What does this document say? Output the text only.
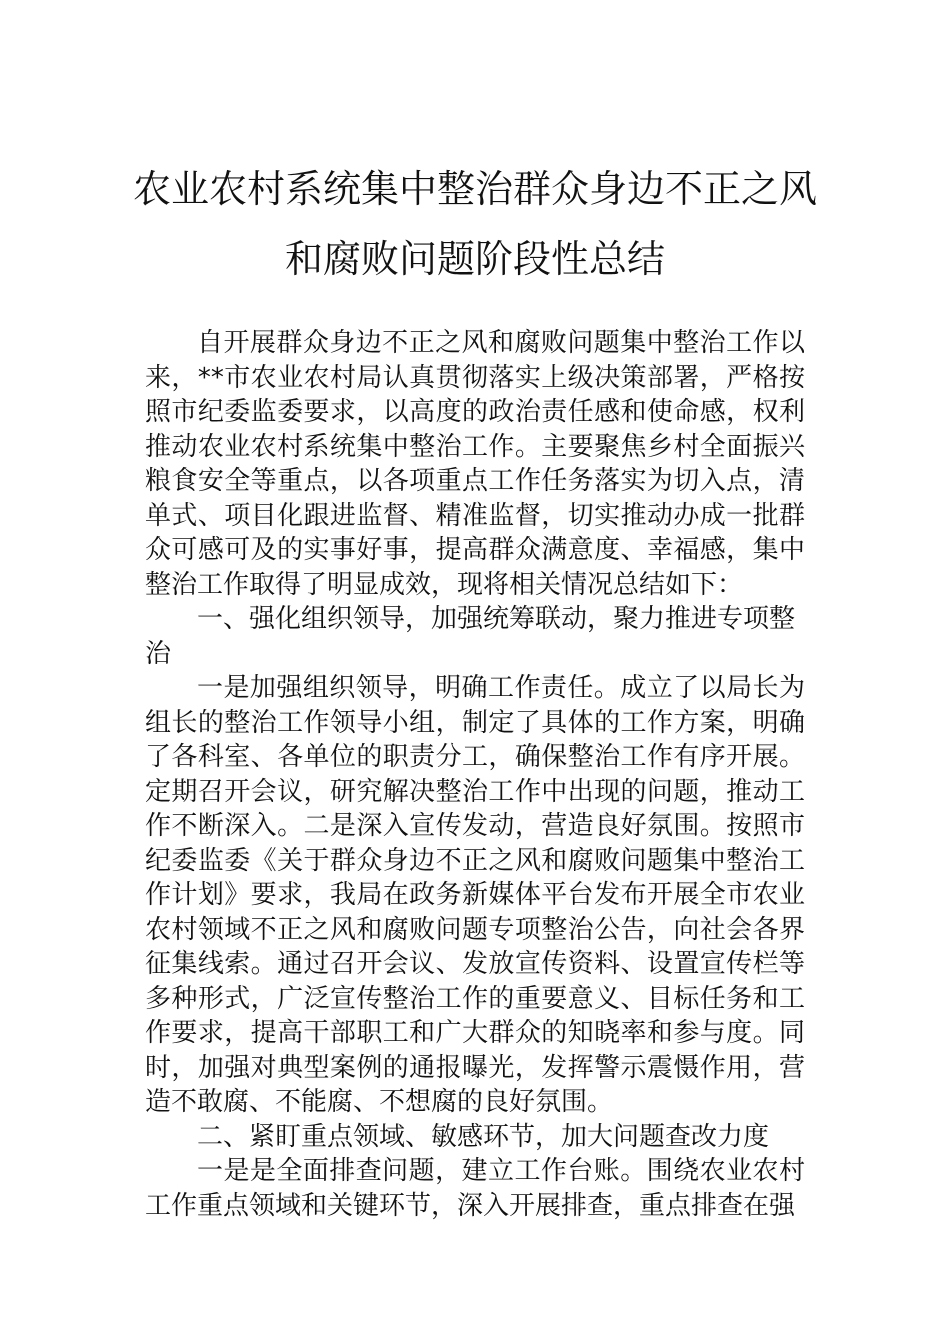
农业农村系统集中整治群众身边不正之风
和腐败问题阶段性总结

自开展群众身边不正之风和腐败问题集中整治工作以来，**市农业农村局认真贯彻落实上级决策部署，严格按照市纪委监委要求，以高度的政治责任感和使命感，权利推动农业农村系统集中整治工作。主要聚焦乡村全面振兴粮食安全等重点，以各项重点工作任务落实为切入点，清单式、项目化跟进监督、精准监督，切实推动办成一批群众可感可及的实事好事，提高群众满意度、幸福感，集中整治工作取得了明显成效，现将相关情况总结如下：

一、强化组织领导，加强统筹联动，聚力推进专项整治

一是加强组织领导，明确工作责任。成立了以局长为组长的整治工作领导小组，制定了具体的工作方案，明确了各科室、各单位的职责分工，确保整治工作有序开展。定期召开会议，研究解决整治工作中出现的问题，推动工作不断深入。二是深入宣传发动，营造良好氛围。按照市纪委监委《关于群众身边不正之风和腐败问题集中整治工作计划》要求，我局在政务新媒体平台发布开展全市农业农村领域不正之风和腐败问题专项整治公告，向社会各界征集线索。通过召开会议、发放宣传资料、设置宣传栏等多种形式，广泛宣传整治工作的重要意义、目标任务和工作要求，提高干部职工和广大群众的知晓率和参与度。同时，加强对典型案例的通报曝光，发挥警示震慑作用，营造不敢腐、不能腐、不想腐的良好氛围。

二、紧盯重点领域、敏感环节，加大问题查改力度

一是是全面排查问题，建立工作台账。围绕农业农村工作重点领域和关键环节，深入开展排查，重点排查在强
